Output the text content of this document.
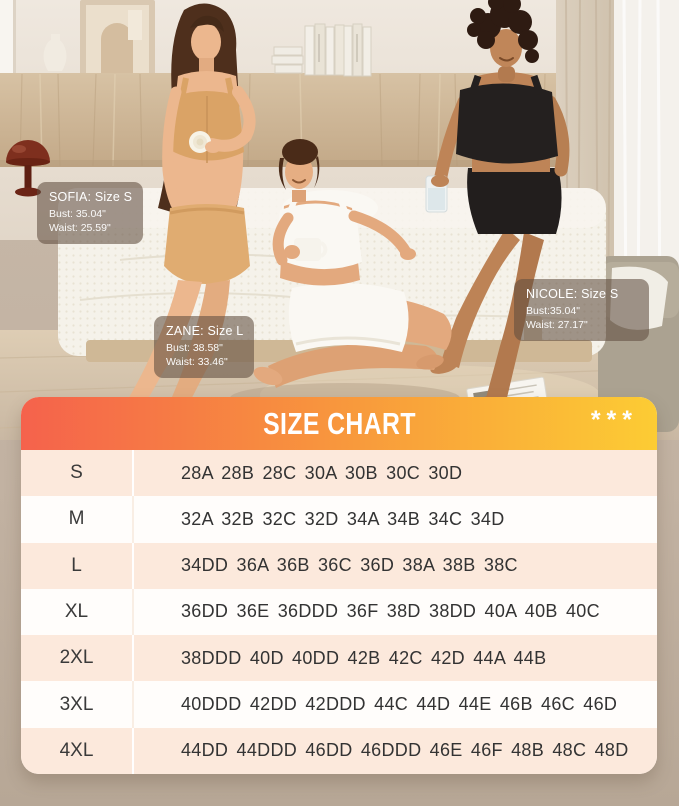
SOFIA: Size S
Bust: 35.04"
Waist: 25.59"
ZANE: Size L
Bust: 38.58"
Waist: 33.46"
NICOLE: Size S
Bust:35.04"
Waist: 27.17"
SIZE CHART	***
S	28A 28B 28C 30A 30B 30C 30D
M	32A 32B 32C 32D 34A 34B 34C 34D
L	34DD 36A 36B 36C 36D 38A 38B 38C
XL	36DD 36E 36DDD 36F 38D 38DD 40A 40B 40C
2XL	38DDD 40D 40DD 42B 42C 42D 44A 44B
3XL	40DDD 42DD 42DDD 44C 44D 44E 46B 46C 46D
4XL	44DD 44DDD 46DD 46DDD 46E 46F 48B 48C 48D
